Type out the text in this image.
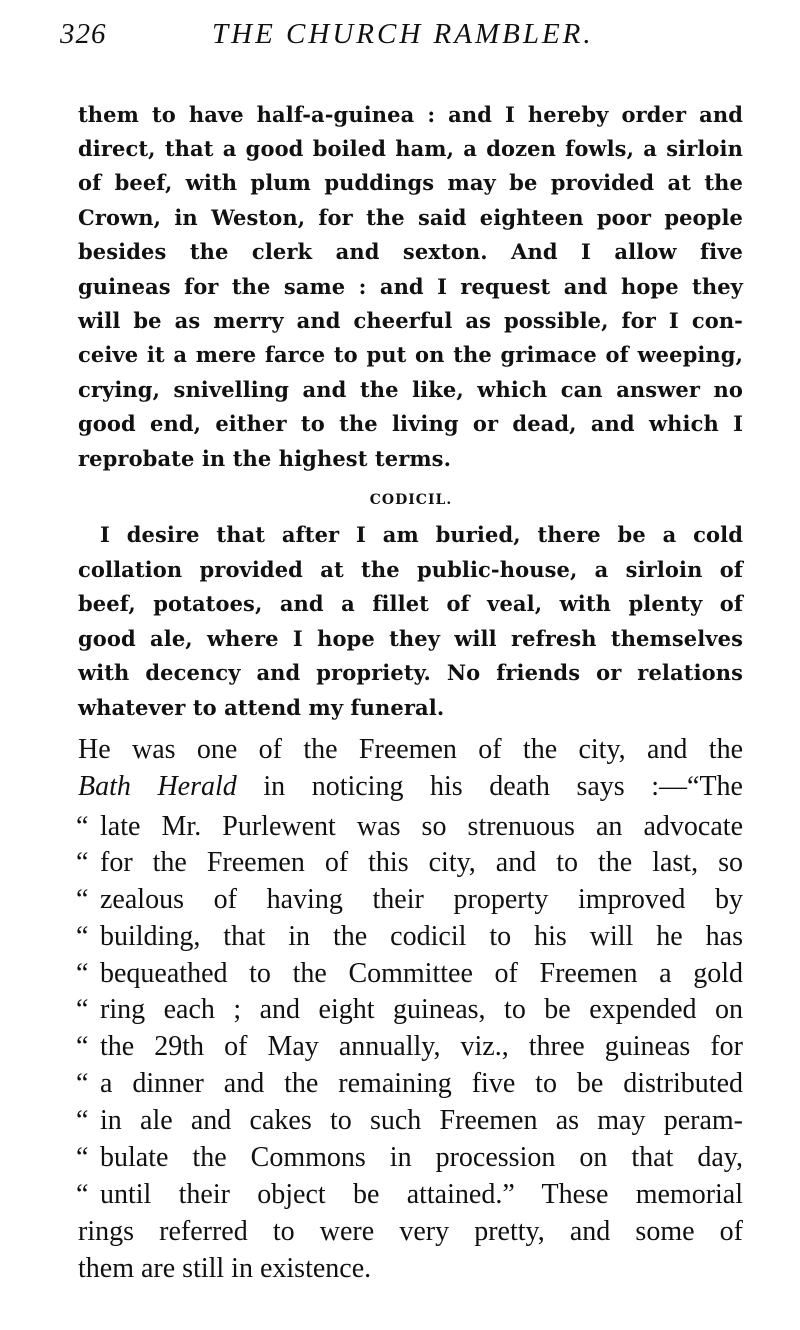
326	THE CHURCH RAMBLER.
them to have half-a-guinea : and I hereby order and
direct, that a good boiled ham, a dozen fowls, a sirloin
of beef, with plum puddings may be provided at the
Crown, in Weston, for the said eighteen poor people
besides the clerk and sexton. And I allow five
guineas for the same : and I request and hope they
will be as merry and cheerful as possible, for I con-
ceive it a mere farce to put on the grimace of weeping,
crying, snivelling and the like, which can answer no
good end, either to the living or dead, and which I
reprobate in the highest terms.
CODICIL.
I desire that after I am buried, there be a cold
collation provided at the public-house, a sirloin of
beef, potatoes, and a fillet of veal, with plenty of
good ale, where I hope they will refresh themselves
with decency and propriety. No friends or relations
whatever to attend my funeral.
He was one of the Freemen of the city, and the
Bath Herald in noticing his death says :—“The
“ late Mr. Purlewent was so strenuous an advocate
“ for the Freemen of this city, and to the last, so
“ zealous of having their property improved by
“ building, that in the codicil to his will he has
“ bequeathed to the Committee of Freemen a gold
“ ring each ; and eight guineas, to be expended on
“ the 29th of May annually, viz., three guineas for
“ a dinner and the remaining five to be distributed
“ in ale and cakes to such Freemen as may peram-
“ bulate the Commons in procession on that day,
“ until their object be attained.” These memorial
rings referred to were very pretty, and some of
them are still in existence.
